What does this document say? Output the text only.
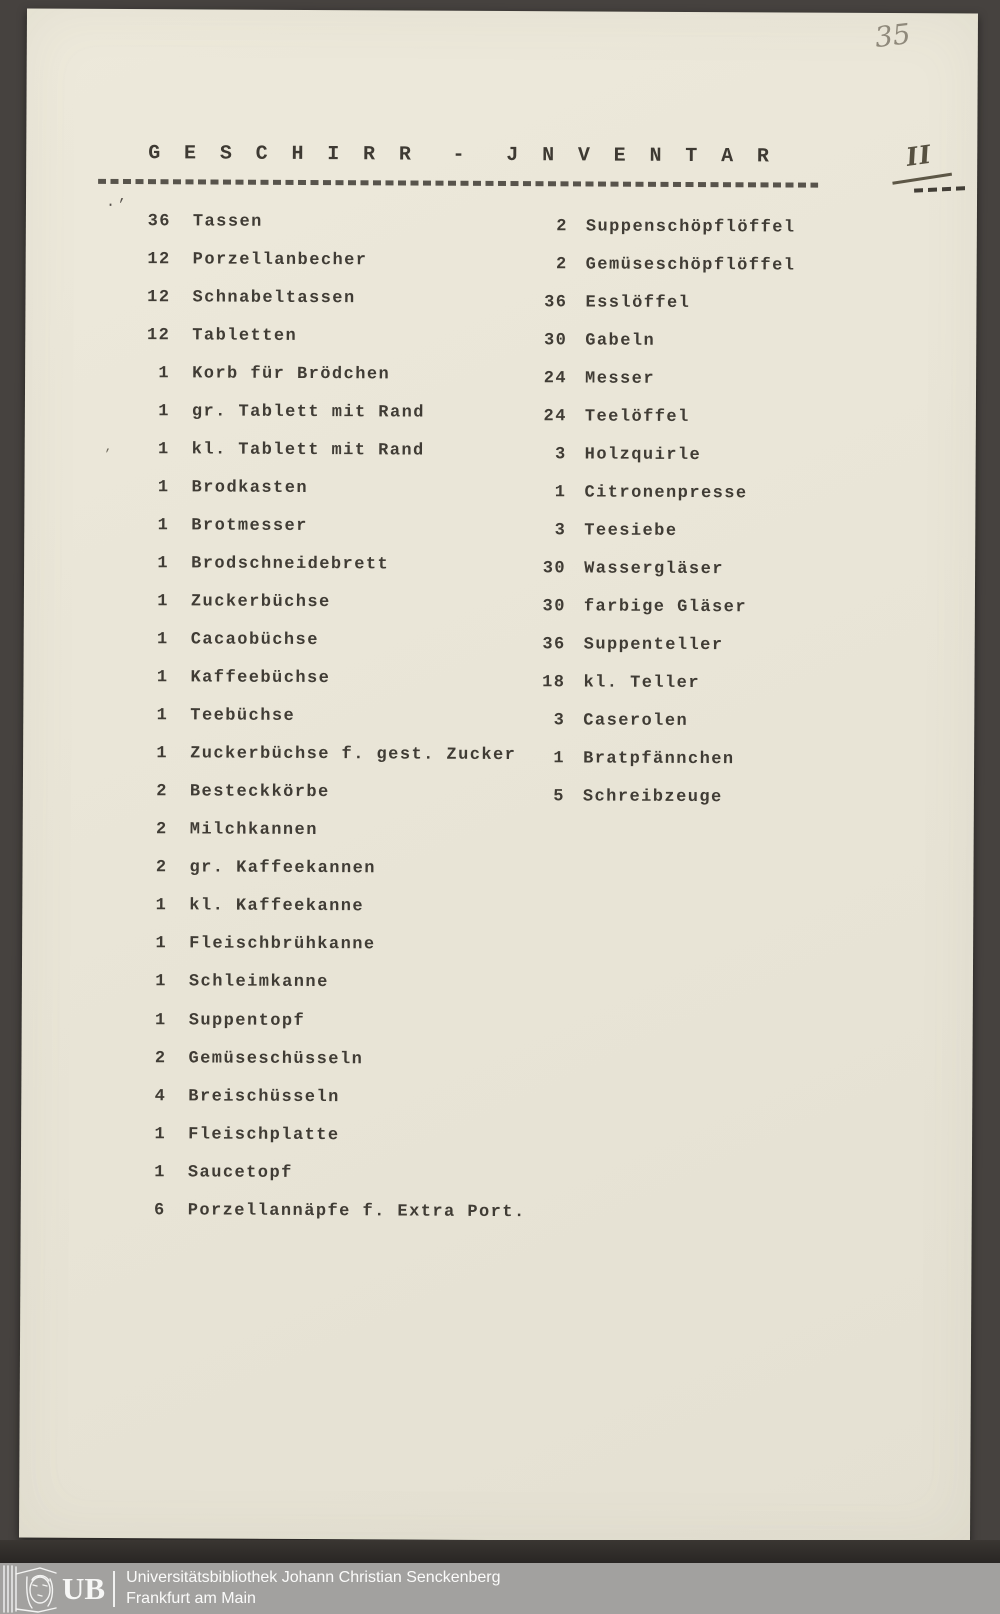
35
G E S C H I R R  -  J N V E N T A R	II
·’
’
36 Tassen
12 Porzellanbecher
12 Schnabeltassen
12 Tabletten
1 Korb für Brödchen
1 gr. Tablett mit Rand
1 kl. Tablett mit Rand
1 Brodkasten
1 Brotmesser
1 Brodschneidebrett
1 Zuckerbüchse
1 Cacaobüchse
1 Kaffeebüchse
1 Teebüchse
1 Zuckerbüchse f. gest. Zucker
2 Besteckkörbe
2 Milchkannen
2 gr. Kaffeekannen
1 kl. Kaffeekanne
1 Fleischbrühkanne
1 Schleimkanne
1 Suppentopf
2 Gemüseschüsseln
4 Breischüsseln
1 Fleischplatte
1 Saucetopf
6 Porzellannäpfe f. Extra Port.
2 Suppenschöpflöffel
2 Gemüseschöpflöffel
36 Esslöffel
30 Gabeln
24 Messer
24 Teelöffel
3 Holzquirle
1 Citronenpresse
3 Teesiebe
30 Wassergläser
30 farbige Gläser
36 Suppenteller
18 kl. Teller
3 Caserolen
1 Bratpfännchen
5 Schreibzeuge
UB Universitätsbibliothek Johann Christian Senckenberg
Frankfurt am Main
